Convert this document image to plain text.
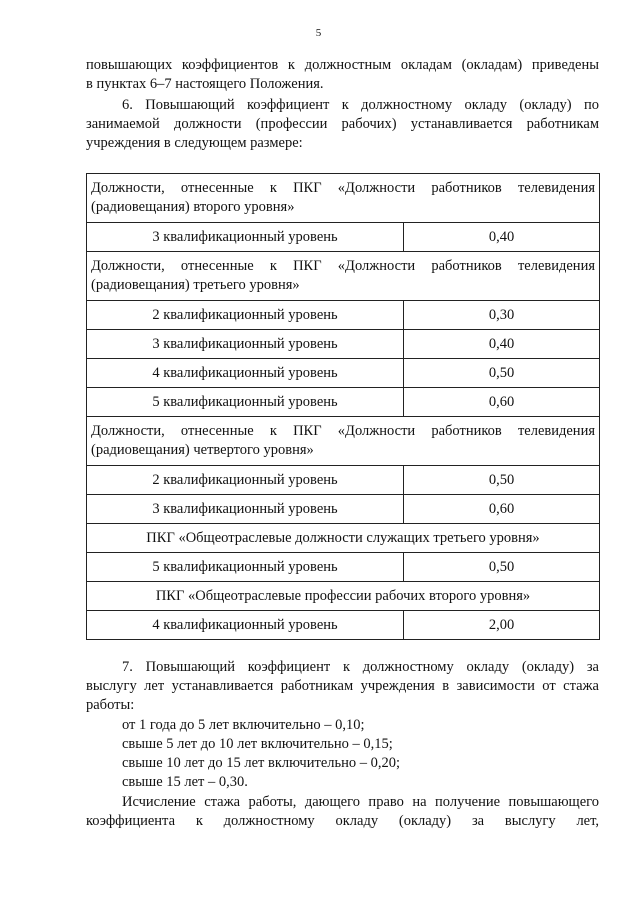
5
повышающих коэффициентов к должностным окладам (окладам) приведены
в пунктах 6–7 настоящего Положения.
6. Повышающий коэффициент к должностному окладу (окладу) по
занимаемой должности (профессии рабочих) устанавливается работникам
учреждения в следующем размере:
Должности, отнесенные к ПКГ «Должности работников телевидения
(радиовещания) второго уровня»	

3 квалификационный уровень	0,40

Должности, отнесенные к ПКГ «Должности работников телевидения
(радиовещания) третьего уровня»	

2 квалификационный уровень	0,30
3 квалификационный уровень	0,40
4 квалификационный уровень	0,50
5 квалификационный уровень	0,60

Должности, отнесенные к ПКГ «Должности работников телевидения
(радиовещания) четвертого уровня»	

2 квалификационный уровень	0,50
3 квалификационный уровень	0,60
ПКГ «Общеотраслевые должности служащих третьего уровня»	
5 квалификационный уровень	0,50
ПКГ «Общеотраслевые профессии рабочих второго уровня»	
4 квалификационный уровень	2,00
7. Повышающий коэффициент к должностному окладу (окладу) за
выслугу лет устанавливается работникам учреждения в зависимости от стажа
работы:
от 1 года до 5 лет включительно – 0,10;
свыше 5 лет до 10 лет включительно – 0,15;
свыше 10 лет до 15 лет включительно – 0,20;
свыше 15 лет – 0,30.
Исчисление стажа работы, дающего право на получение повышающего
коэффициента к должностному окладу (окладу) за выслугу лет,
